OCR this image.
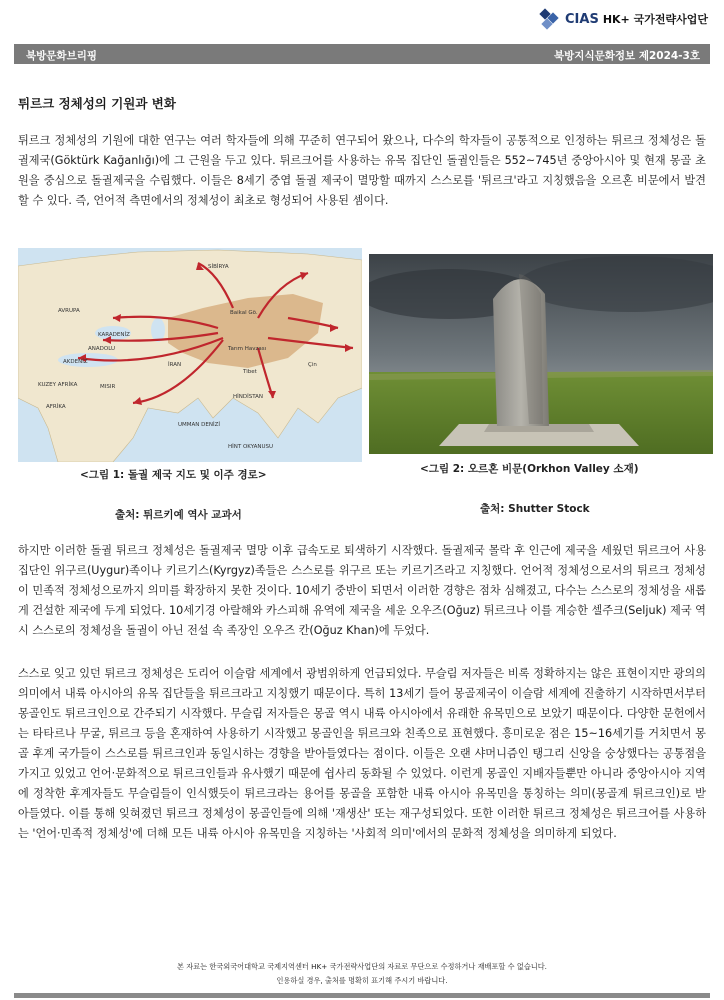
CIAS HK+ 국가전략사업단
북방문화브리핑	북방지식문화정보 제2024-3호
튀르크 정체성의 기원과 변화
튀르크 정체성의 기원에 대한 연구는 여러 학자들에 의해 꾸준히 연구되어 왔으나, 다수의 학자들이 공통적으로 인정하는 튀르크 정체성은 돌궐제국(Göktürk Kağanlığı)에 그 근원을 두고 있다. 튀르크어를 사용하는 유목 집단인 돌궐인들은 552~745년 중앙아시아 및 현재 몽골 초원을 중심으로 돌궐제국을 수립했다. 이들은 8세기 중엽 돌궐 제국이 멸망할 때까지 스스로를 '튀르크'라고 지칭했음을 오르혼 비문에서 발견할 수 있다. 즉, 언어적 측면에서의 정체성이 최초로 형성되어 사용된 셈이다.
SİBİRYA
AVRUPA
KARADENİZ
ANADOLU
AKDENİZ
KUZEY AFRİKA
AFRİKA
MISIR
İRAN
HİNDİSTAN
HİNT OKYANUSU
UMMAN DENİZİ
Baikal Gö.
Tarım Havzası
Tibet
Çin
<그림 1: 돌궐 제국 지도 및 이주 경로>
출처: 튀르키예 역사 교과서
<그림 2: 오르혼 비문(Orkhon Valley 소재)
출처: Shutter Stock
하지만 이러한 돌궐 튀르크 정체성은 돌궐제국 멸망 이후 급속도로 퇴색하기 시작했다. 돌궐제국 몰락 후 인근에 제국을 세웠던 튀르크어 사용 집단인 위구르(Uygur)족이나 키르기스(Kyrgyz)족들은 스스로를 위구르 또는 키르기즈라고 지칭했다. 언어적 정체성으로서의 튀르크 정체성이 민족적 정체성으로까지 의미를 확장하지 못한 것이다. 10세기 중반이 되면서 이러한 경향은 점차 심해졌고, 다수는 스스로의 정체성을 새롭게 건설한 제국에 두게 되었다. 10세기경 아랄해와 카스피해 유역에 제국을 세운 오우즈(Oğuz) 튀르크나 이를 계승한 셀주크(Seljuk) 제국 역시 스스로의 정체성을 돌궐이 아닌 전설 속 족장인 오우즈 칸(Oğuz Khan)에 두었다.
스스로 잊고 있던 튀르크 정체성은 도리어 이슬람 세계에서 광범위하게 언급되었다. 무슬림 저자들은 비록 정확하지는 않은 표현이지만 광의의 의미에서 내륙 아시아의 유목 집단들을 튀르크라고 지칭했기 때문이다. 특히 13세기 들어 몽골제국이 이슬람 세계에 진출하기 시작하면서부터 몽골인도 튀르크인으로 간주되기 시작했다. 무슬림 저자들은 몽골 역시 내륙 아시아에서 유래한 유목민으로 보았기 때문이다. 다양한 문헌에서는 타타르나 무굴, 튀르크 등을 혼재하여 사용하기 시작했고 몽골인을 튀르크와 친족으로 표현했다. 흥미로운 점은 15~16세기를 거치면서 몽골 후계 국가들이 스스로를 튀르크인과 동일시하는 경향을 받아들였다는 점이다. 이들은 오랜 샤머니즘인 탱그리 신앙을 숭상했다는 공통점을 가지고 있었고 언어·문화적으로 튀르크인들과 유사했기 때문에 쉽사리 동화될 수 있었다. 이런게 몽골인 지배자들뿐만 아니라 중앙아시아 지역에 정착한 후계자들도 무슬림들이 인식했듯이 튀르크라는 용어를 몽골을 포함한 내륙 아시아 유목민을 통칭하는 의미(몽골계 튀르크인)로 받아들였다. 이를 통해 잊혀졌던 튀르크 정체성이 몽골인들에 의해 '재생산' 또는 재구성되었다. 또한 이러한 튀르크 정체성은 튀르크어를 사용하는 '언어·민족적 정체성'에 더해 모든 내륙 아시아 유목민을 지칭하는 '사회적 의미'에서의 문화적 정체성을 의미하게 되었다.
본 자료는 한국외국어대학교 국제지역센터 HK+ 국가전략사업단의 자료로 무단으로 수정하거나 재배포할 수 없습니다.
인용하실 경우, 출처를 명확히 표기해 주시기 바랍니다.
